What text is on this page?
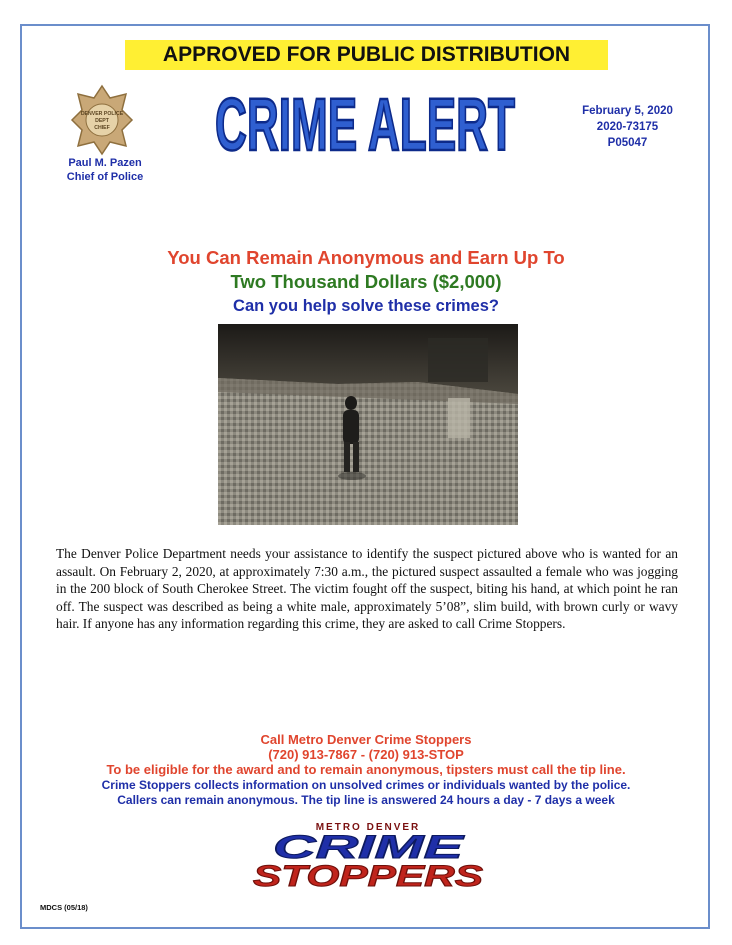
APPROVED FOR PUBLIC DISTRIBUTION
DENVER POLICE
DEPT
CHIEF
Paul M. Pazen
Chief of Police
CRIME ALERT	February 5, 2020
2020-73175
P05047
You Can Remain Anonymous and Earn Up To
Two Thousand Dollars ($2,000)
Can you help solve these crimes?
The Denver Police Department needs your assistance to identify the suspect pictured above who is wanted for an assault. On February 2, 2020, at approximately 7:30 a.m., the pictured suspect assaulted a female who was jogging in the 200 block of South Cherokee Street. The victim fought off the suspect, biting his hand, at which point he ran off. The suspect was described as being a white male, approximately 5’08”, slim build, with brown curly or wavy hair. If anyone has any information regarding this crime, they are asked to call Crime Stoppers.
Call Metro Denver Crime Stoppers
(720) 913-7867 - (720) 913-STOP
To be eligible for the award and to remain anonymous, tipsters must call the tip line.
Crime Stoppers collects information on unsolved crimes or individuals wanted by the police.
Callers can remain anonymous. The tip line is answered 24 hours a day - 7 days a week
METRO DENVER
CRIME
STOPPERS
MDCS (05/18)
